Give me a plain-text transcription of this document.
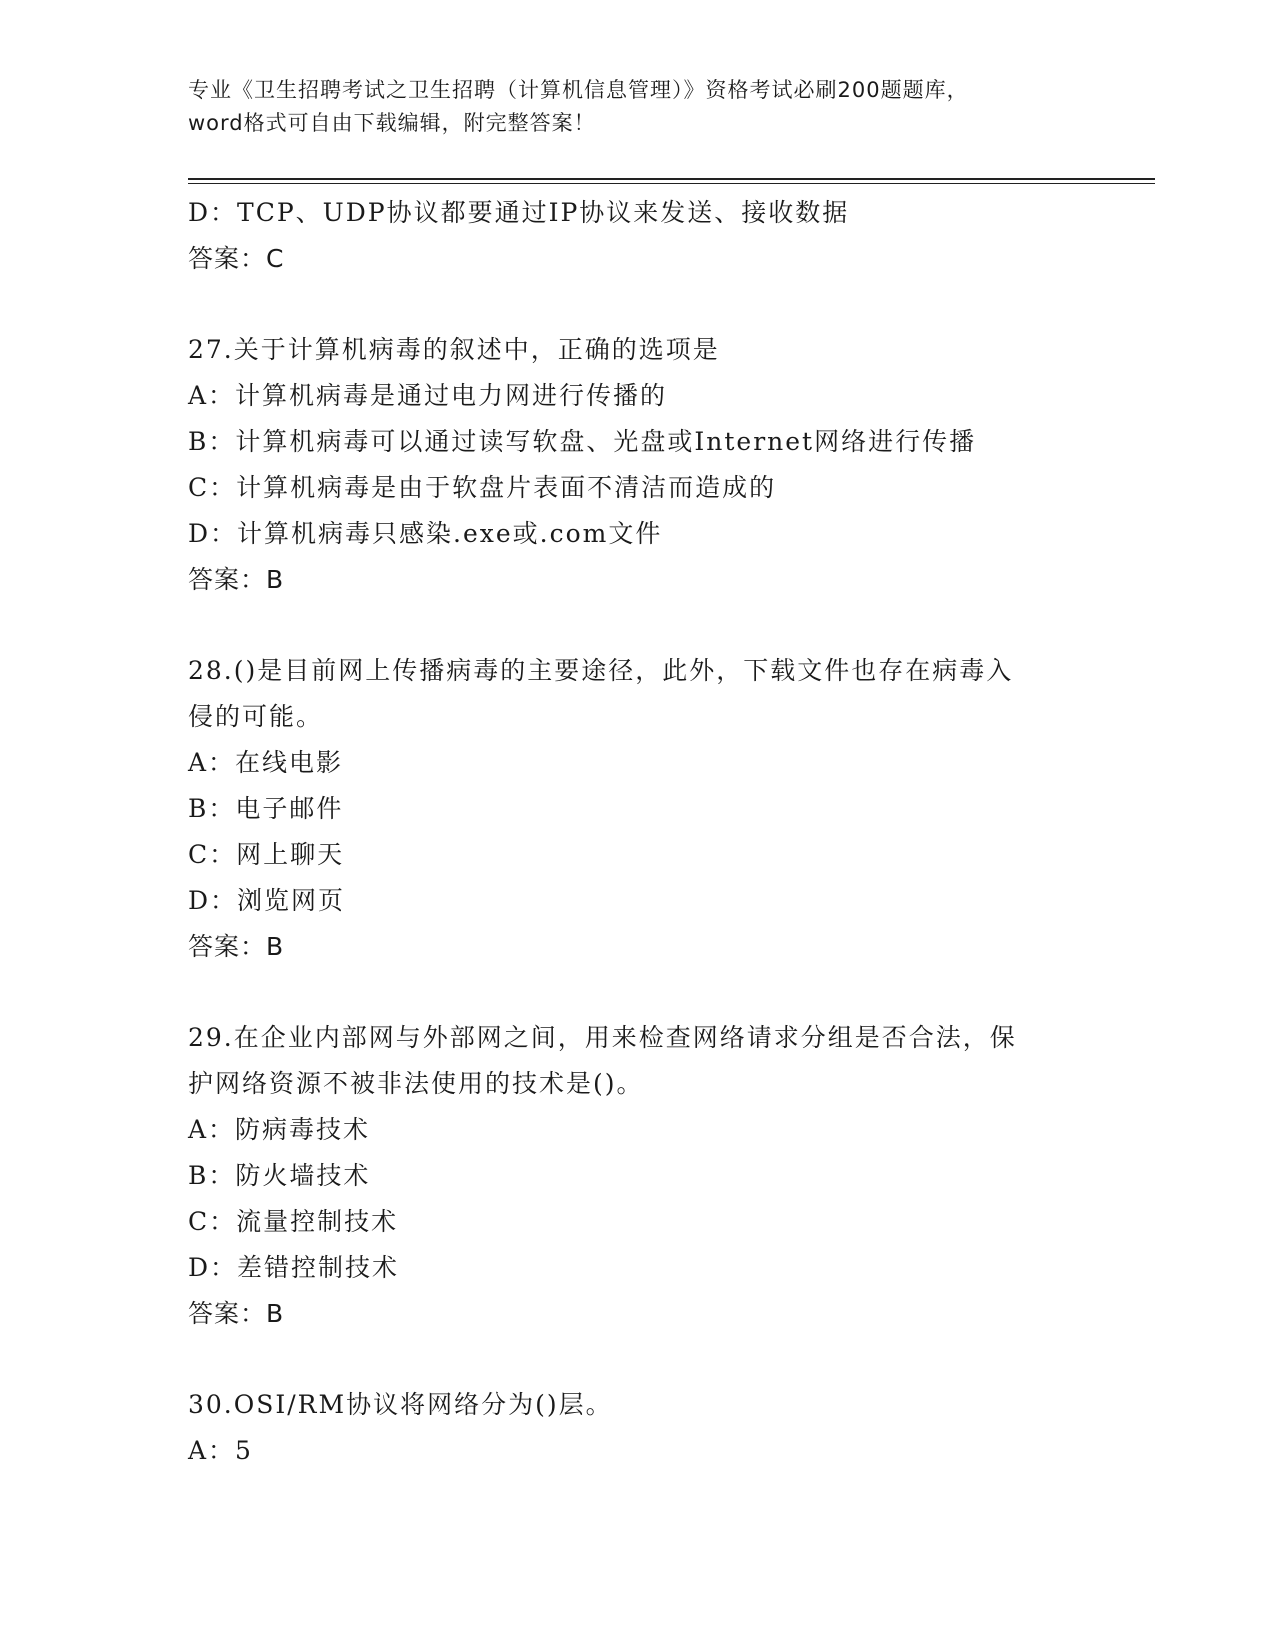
专业《卫生招聘考试之卫生招聘（计算机信息管理）》资格考试必刷200题题库，
word格式可自由下载编辑，附完整答案！
D：TCP、UDP协议都要通过IP协议来发送、接收数据
答案：C
27.关于计算机病毒的叙述中，正确的选项是
A：计算机病毒是通过电力网进行传播的
B：计算机病毒可以通过读写软盘、光盘或Internet网络进行传播
C：计算机病毒是由于软盘片表面不清洁而造成的
D：计算机病毒只感染.exe或.com文件
答案：B
28.()是目前网上传播病毒的主要途径，此外，下载文件也存在病毒入
侵的可能。
A：在线电影
B：电子邮件
C：网上聊天
D：浏览网页
答案：B
29.在企业内部网与外部网之间，用来检查网络请求分组是否合法，保
护网络资源不被非法使用的技术是()。
A：防病毒技术
B：防火墙技术
C：流量控制技术
D：差错控制技术
答案：B
30.OSI/RM协议将网络分为()层。
A：5
